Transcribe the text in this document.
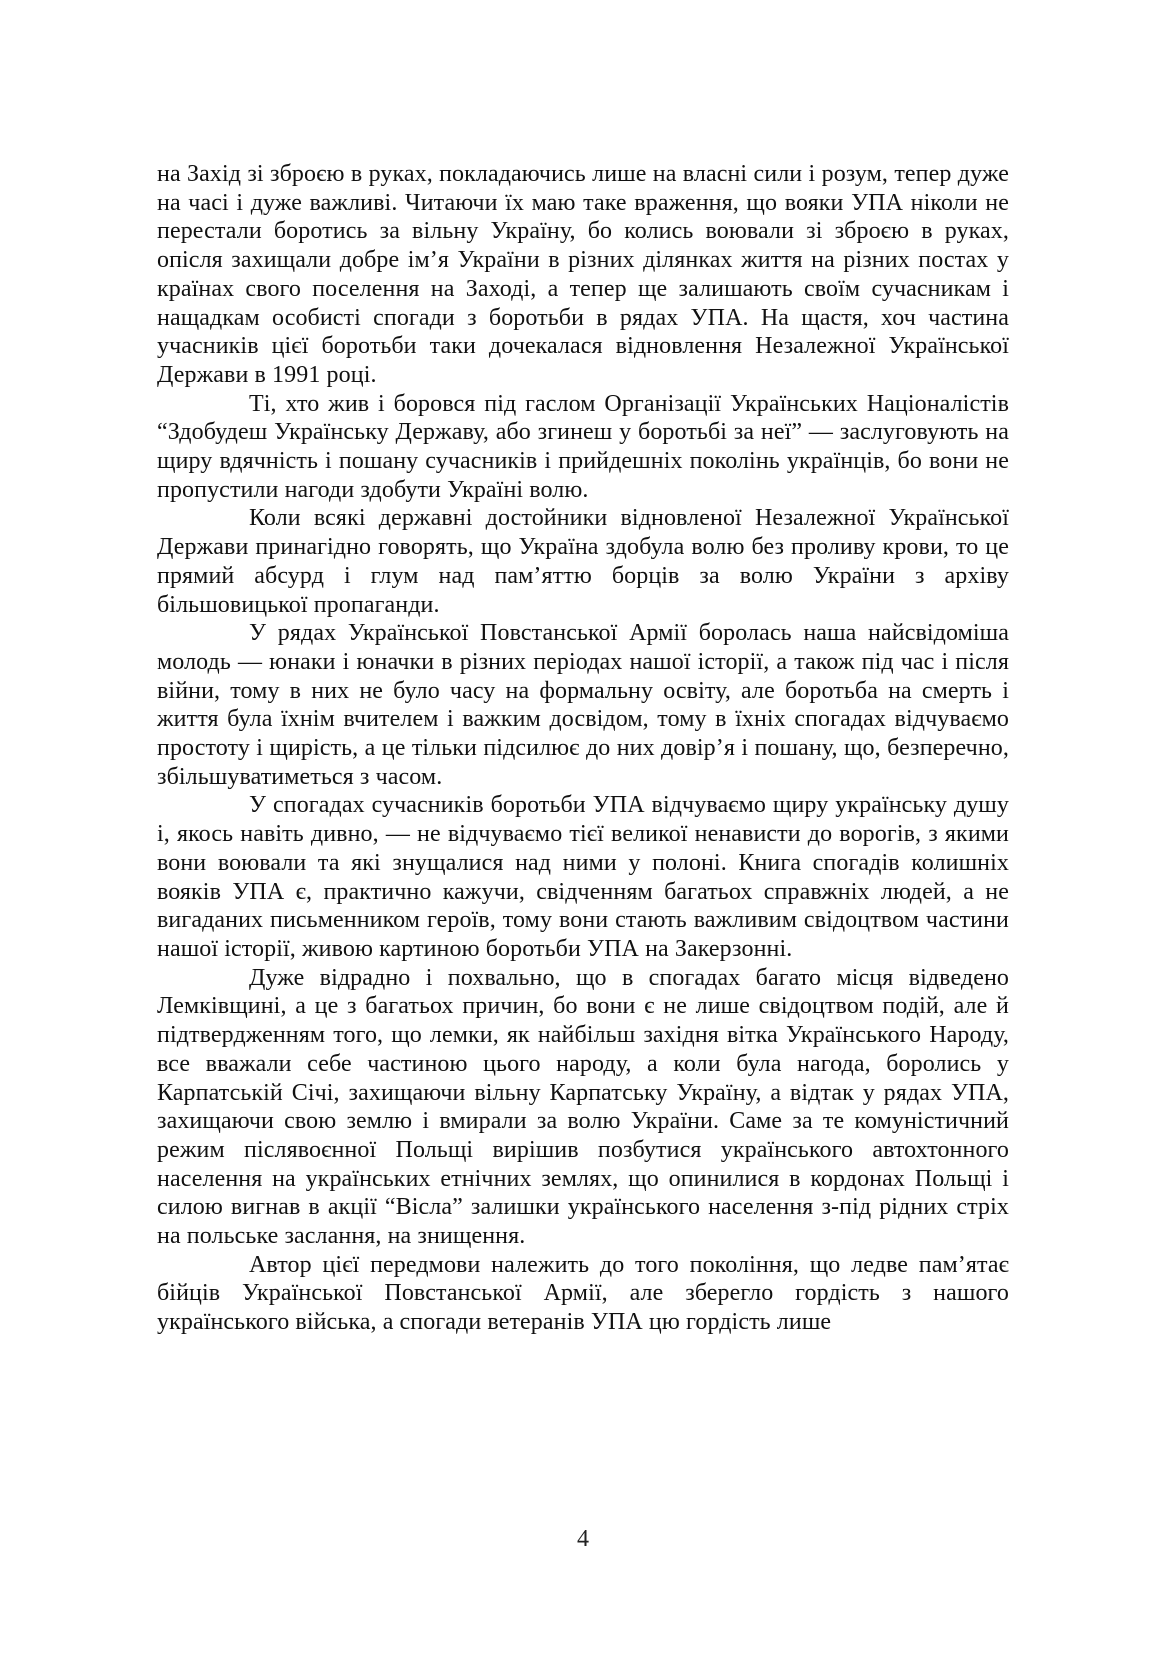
на Захід зі зброєю в руках, покладаючись лише на власні сили і розум, тепер дуже на часі і дуже важливі. Читаючи їх маю таке враження, що вояки УПА ніколи не перестали боротись за вільну Україну, бо колись воювали зі зброєю в руках, опісля захищали добре ім’я України в різних ділянках життя на різних постах у країнах свого поселення на Заході, а тепер ще залишають своїм сучасникам і нащадкам особисті спогади з боротьби в рядах УПА. На щастя, хоч частина учасників цієї боротьби таки дочекалася відновлення Незалежної Української Держави в 1991 році.

Ті, хто жив і боровся під гаслом Організації Українських Націоналістів “Здобудеш Українську Державу, або згинеш у боротьбі за неї” — заслуговують на щиру вдячність і пошану сучасників і прийдешніх поколінь українців, бо вони не пропустили нагоди здобути Україні волю.

Коли всякі державні достойники відновленої Незалежної Української Держави принагідно говорять, що Україна здобула волю без проливу крови, то це прямий абсурд і глум над пам’яттю борців за волю України з архіву більшовицької пропаганди.

У рядах Української Повстанської Армії боролась наша найсвідоміша молодь — юнаки і юначки в різних періодах нашої історії, а також під час і після війни, тому в них не було часу на формальну освіту, але боротьба на смерть і життя була їхнім вчителем і важким досвідом, тому в їхніх спогадах відчуваємо простоту і щирість, а це тільки підсилює до них довір’я і пошану, що, безперечно, збільшуватиметься з часом.

У спогадах сучасників боротьби УПА відчуваємо щиру українську душу і, якось навіть дивно, — не відчуваємо тієї великої ненависти до ворогів, з якими вони воювали та які знущалися над ними у полоні. Книга спогадів колишніх вояків УПА є, практично кажучи, свідченням багатьох справжніх людей, а не вигаданих письменником героїв, тому вони стають важливим свідоцтвом частини нашої історії, живою картиною боротьби УПА на Закерзонні.

Дуже відрадно і похвально, що в спогадах багато місця відведено Лемківщині, а це з багатьох причин, бо вони є не лише свідоцтвом подій, але й підтвердженням того, що лемки, як найбільш західня вітка Українського Народу, все вважали себе частиною цього народу, а коли була нагода, боролись у Карпатській Січі, захищаючи вільну Карпатську Україну, а відтак у рядах УПА, захищаючи свою землю і вмирали за волю України. Саме за те комуністичний режим післявоєнної Польщі вирішив позбутися українського автохтонного населення на українських етнічних землях, що опинилися в кордонах Польщі і силою вигнав в акції “Вісла” залишки українського населення з-під рідних стріх на польське заслання, на знищення.

Автор цієї передмови належить до того покоління, що ледве пам’ятає бійців Української Повстанської Армії, але зберегло гордість з нашого українського війська, а спогади ветеранів УПА цю гордість лише

4
